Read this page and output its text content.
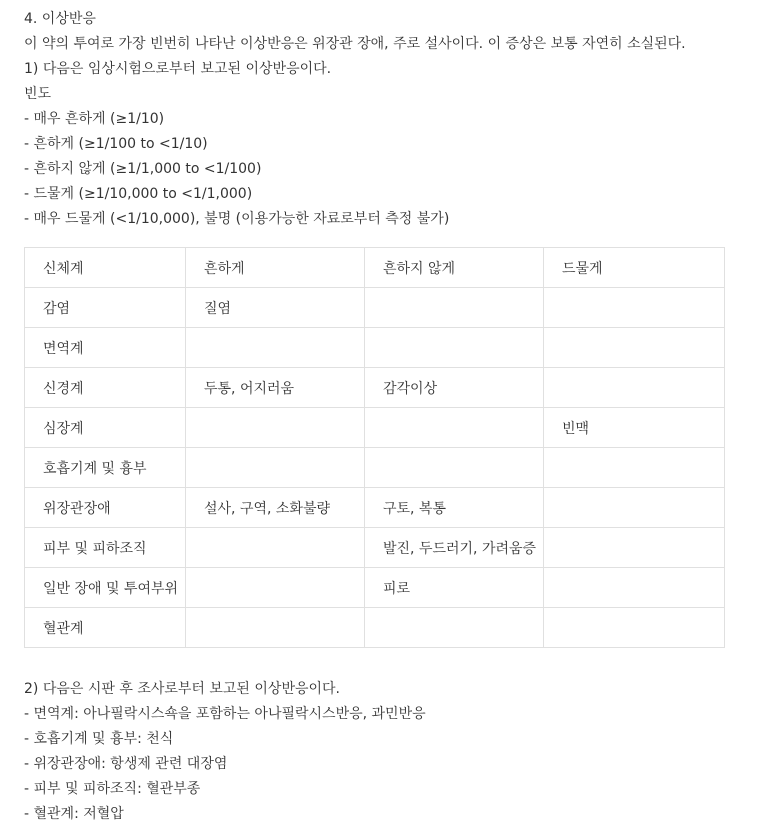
4. 이상반응
이 약의 투여로 가장 빈번히 나타난 이상반응은 위장관 장애, 주로 설사이다. 이 증상은 보통 자연히 소실된다.
1) 다음은 임상시험으로부터 보고된 이상반응이다.
빈도
- 매우 흔하게 (≥1/10)
- 흔하게 (≥1/100 to <1/10)
- 흔하지 않게 (≥1/1,000 to <1/100)
- 드물게 (≥1/10,000 to <1/1,000)
- 매우 드물게 (<1/10,000), 불명 (이용가능한 자료로부터 측정 불가)
신체계	흔하게	흔하지 않게	드물게
감염	질염		
면역계			
신경계	두통, 어지러움	감각이상	
심장계			빈맥
호흡기계 및 흉부			
위장관장애	설사, 구역, 소화불량	구토, 복통	
피부 및 피하조직		발진, 두드러기, 가려움증	
일반 장애 및 투여부위		피로	
혈관계			
2) 다음은 시판 후 조사로부터 보고된 이상반응이다.
- 면역계: 아나필락시스쇽을 포함하는 아나필락시스반응, 과민반응
- 호흡기계 및 흉부: 천식
- 위장관장애: 항생제 관련 대장염
- 피부 및 피하조직: 혈관부종
- 혈관계: 저혈압
